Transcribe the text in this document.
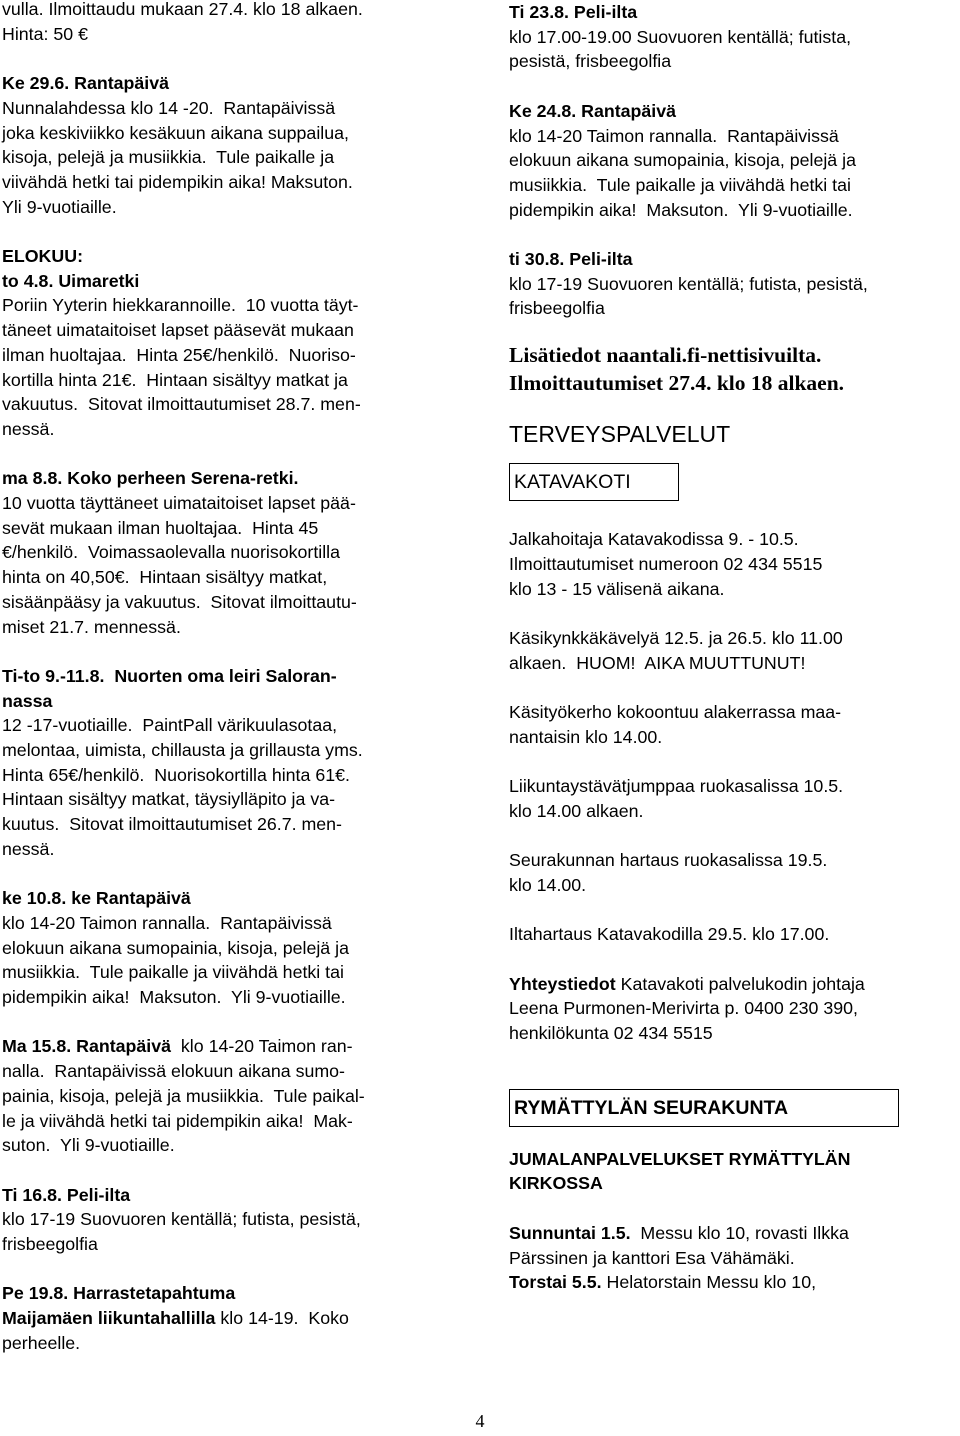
vulla. Ilmoittaudu mukaan 27.4. klo 18 alkaen.
Hinta: 50 €
Ke 29.6. Rantapäivä
Nunnalahdessa klo 14 -20.  Rantapäivissä
joka keskiviikko kesäkuun aikana suppailua,
kisoja, pelejä ja musiikkia.  Tule paikalle ja
viivähdä hetki tai pidempikin aika! Maksuton.
Yli 9-vuotiaille.
ELOKUU:
to 4.8. Uimaretki
Poriin Yyterin hiekkarannoille.  10 vuotta täyt-
täneet uimataitoiset lapset pääsevät mukaan
ilman huoltajaa.  Hinta 25€/henkilö.  Nuoriso-
kortilla hinta 21€.  Hintaan sisältyy matkat ja
vakuutus.  Sitovat ilmoittautumiset 28.7. men-
nessä.
ma 8.8. Koko perheen Serena-retki.
10 vuotta täyttäneet uimataitoiset lapset pää-
sevät mukaan ilman huoltajaa.  Hinta 45
€/henkilö.  Voimassaolevalla nuorisokortilla
hinta on 40,50€.  Hintaan sisältyy matkat,
sisäänpääsy ja vakuutus.  Sitovat ilmoittautu-
miset 21.7. mennessä.
Ti-to 9.-11.8.  Nuorten oma leiri Saloran-
nassa
12 -17-vuotiaille.  PaintPall värikuulasotaa,
melontaa, uimista, chillausta ja grillausta yms.
Hinta 65€/henkilö.  Nuorisokortilla hinta 61€.
Hintaan sisältyy matkat, täysiylläpito ja va-
kuutus.  Sitovat ilmoittautumiset 26.7. men-
nessä.
ke 10.8. ke Rantapäivä
klo 14-20 Taimon rannalla.  Rantapäivissä
elokuun aikana sumopainia, kisoja, pelejä ja
musiikkia.  Tule paikalle ja viivähdä hetki tai
pidempikin aika!  Maksuton.  Yli 9-vuotiaille.
Ma 15.8. Rantapäivä  klo 14-20 Taimon ran-
nalla.  Rantapäivissä elokuun aikana sumo-
painia, kisoja, pelejä ja musiikkia.  Tule paikal-
le ja viivähdä hetki tai pidempikin aika!  Mak-
suton.  Yli 9-vuotiaille.
Ti 16.8. Peli-ilta
klo 17-19 Suovuoren kentällä; futista, pesistä,
frisbeegolfia
Pe 19.8. Harrastetapahtuma
Maijamäen liikuntahallilla klo 14-19.  Koko
perheelle.
Ti 23.8. Peli-ilta
klo 17.00-19.00 Suovuoren kentällä; futista,
pesistä, frisbeegolfia
Ke 24.8. Rantapäivä
klo 14-20 Taimon rannalla.  Rantapäivissä
elokuun aikana sumopainia, kisoja, pelejä ja
musiikkia.  Tule paikalle ja viivähdä hetki tai
pidempikin aika!  Maksuton.  Yli 9-vuotiaille.
ti 30.8. Peli-ilta
klo 17-19 Suovuoren kentällä; futista, pesistä,
frisbeegolfia
Lisätiedot naantali.fi-nettisivuilta.
Ilmoittautumiset 27.4. klo 18 alkaen.
TERVEYSPALVELUT
KATAVAKOTI
Jalkahoitaja Katavakodissa 9. - 10.5.
Ilmoittautumiset numeroon 02 434 5515
klo 13 - 15 välisenä aikana.
Käsikynkkäkävelyä 12.5. ja 26.5. klo 11.00
alkaen.  HUOM!  AIKA MUUTTUNUT!
Käsityökerho kokoontuu alakerrassa maa-
nantaisin klo 14.00.
Liikuntaystävätjumppaa ruokasalissa 10.5.
klo 14.00 alkaen.
Seurakunnan hartaus ruokasalissa 19.5.
klo 14.00.
Iltahartaus Katavakodilla 29.5. klo 17.00.
Yhteystiedot Katavakoti palvelukodin johtaja
Leena Purmonen-Merivirta p. 0400 230 390,
henkilökunta 02 434 5515
RYMÄTTYLÄN SEURAKUNTA
JUMALANPALVELUKSET RYMÄTTYLÄN
KIRKOSSA
Sunnuntai 1.5.  Messu klo 10, rovasti Ilkka
Pärssinen ja kanttori Esa Vähämäki.
Torstai 5.5. Helatorstain Messu klo 10,
4
